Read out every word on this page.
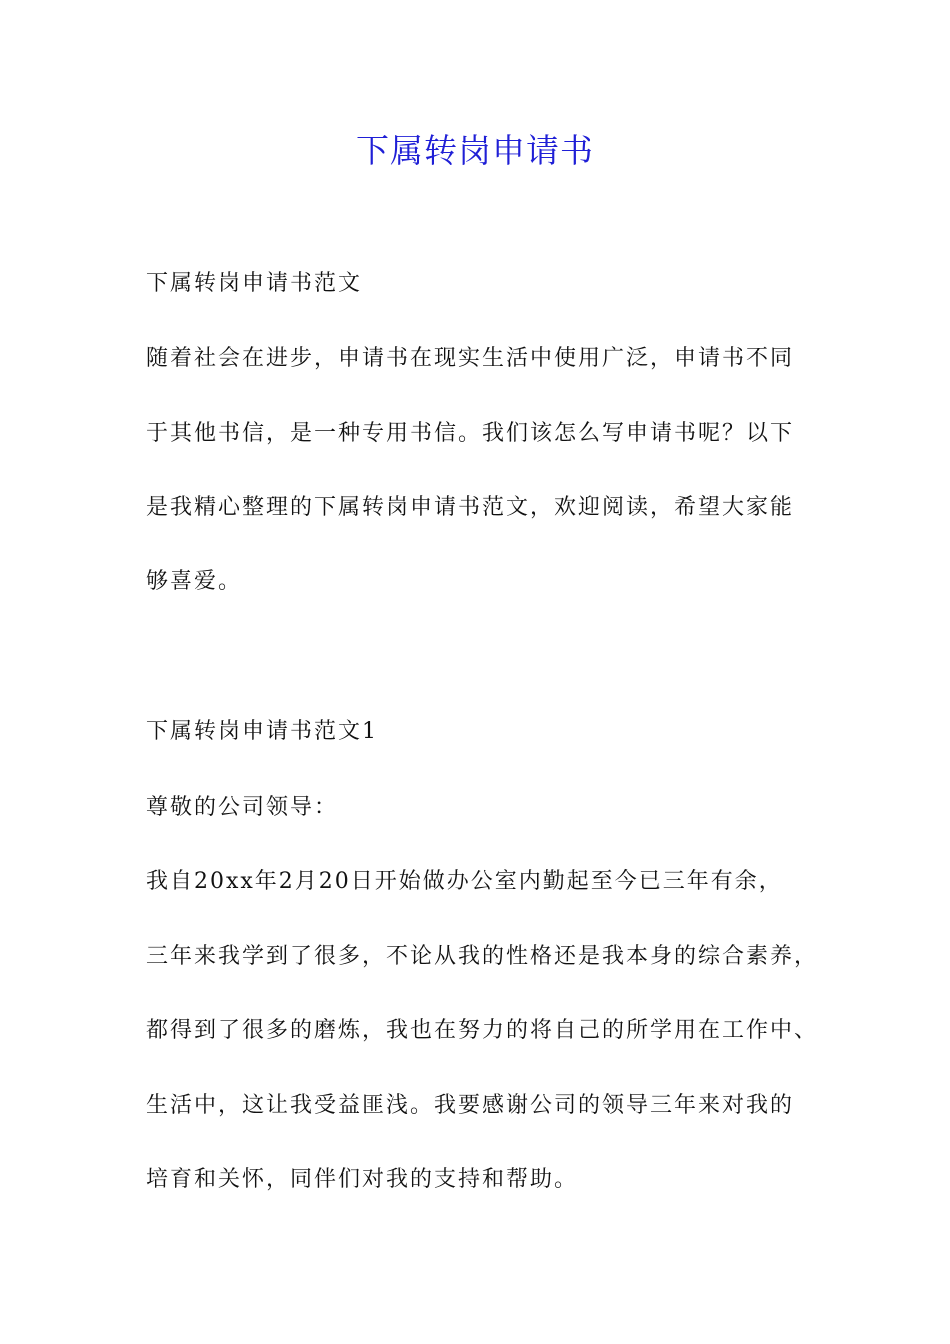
下属转岗申请书
下属转岗申请书范文
随着社会在进步，申请书在现实生活中使用广泛，申请书不同
于其他书信，是一种专用书信。我们该怎么写申请书呢？以下
是我精心整理的下属转岗申请书范文，欢迎阅读，希望大家能
够喜爱。
下属转岗申请书范文1
尊敬的公司领导：
我自20xx年2月20日开始做办公室内勤起至今已三年有余，
三年来我学到了很多，不论从我的性格还是我本身的综合素养，
都得到了很多的磨炼，我也在努力的将自己的所学用在工作中、
生活中，这让我受益匪浅。我要感谢公司的领导三年来对我的
培育和关怀，同伴们对我的支持和帮助。
